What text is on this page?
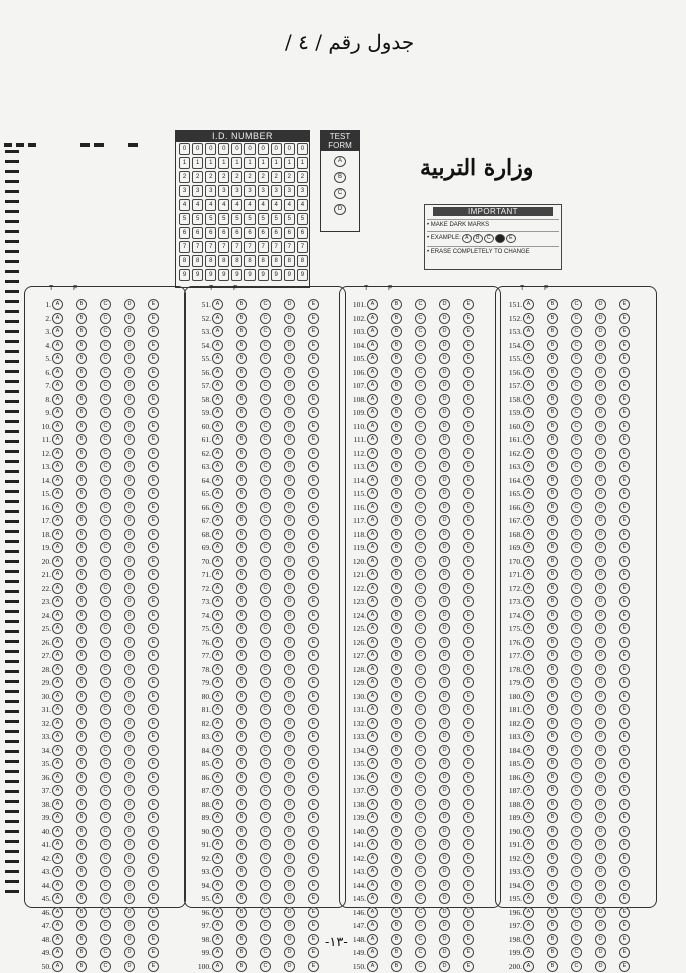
جدول رقم / ٤ /
وزارة التربية
I.D. NUMBER
0	0	0	0	0	0	0	0	0	0
1	1	1	1	1	1	1	1	1	1
2	2	2	2	2	2	2	2	2	2
3	3	3	3	3	3	3	3	3	3
4	4	4	4	4	4	4	4	4	4
5	5	5	5	5	5	5	5	5	5
6	6	6	6	6	6	6	6	6	6
7	7	7	7	7	7	7	7	7	7
8	8	8	8	8	8	8	8	8	8
9	9	9	9	9	9	9	9	9	9
TEST FORM
A
B
C
D	IMPORTANT
• MAKE DARK MARKS
• EXAMPLE: A B C D E
• ERASE COMPLETELY TO CHANGE
T	F
1. A	B	C	D	E
2. A	B	C	D	E
3. A	B	C	D	E
4. A	B	C	D	E
5. A	B	C	D	E
6. A	B	C	D	E
7. A	B	C	D	E
8. A	B	C	D	E
9. A	B	C	D	E
10. A	B	C	D	E
11. A	B	C	D	E
12. A	B	C	D	E
13. A	B	C	D	E
14. A	B	C	D	E
15. A	B	C	D	E
16. A	B	C	D	E
17. A	B	C	D	E
18. A	B	C	D	E
19. A	B	C	D	E
20. A	B	C	D	E
21. A	B	C	D	E
22. A	B	C	D	E
23. A	B	C	D	E
24. A	B	C	D	E
25. A	B	C	D	E
26. A	B	C	D	E
27. A	B	C	D	E
28. A	B	C	D	E
29. A	B	C	D	E
30. A	B	C	D	E
31. A	B	C	D	E
32. A	B	C	D	E
33. A	B	C	D	E
34. A	B	C	D	E
35. A	B	C	D	E
36. A	B	C	D	E
37. A	B	C	D	E
38. A	B	C	D	E
39. A	B	C	D	E
40. A	B	C	D	E
41. A	B	C	D	E
42. A	B	C	D	E
43. A	B	C	D	E
44. A	B	C	D	E
45. A	B	C	D	E
46. A	B	C	D	E
47. A	B	C	D	E
48. A	B	C	D	E
49. A	B	C	D	E
50. A	B	C	D	E
T	F
51. A	B	C	D	E
52. A	B	C	D	E
53. A	B	C	D	E
54. A	B	C	D	E
55. A	B	C	D	E
56. A	B	C	D	E
57. A	B	C	D	E
58. A	B	C	D	E
59. A	B	C	D	E
60. A	B	C	D	E
61. A	B	C	D	E
62. A	B	C	D	E
63. A	B	C	D	E
64. A	B	C	D	E
65. A	B	C	D	E
66. A	B	C	D	E
67. A	B	C	D	E
68. A	B	C	D	E
69. A	B	C	D	E
70. A	B	C	D	E
71. A	B	C	D	E
72. A	B	C	D	E
73. A	B	C	D	E
74. A	B	C	D	E
75. A	B	C	D	E
76. A	B	C	D	E
77. A	B	C	D	E
78. A	B	C	D	E
79. A	B	C	D	E
80. A	B	C	D	E
81. A	B	C	D	E
82. A	B	C	D	E
83. A	B	C	D	E
84. A	B	C	D	E
85. A	B	C	D	E
86. A	B	C	D	E
87. A	B	C	D	E
88. A	B	C	D	E
89. A	B	C	D	E
90. A	B	C	D	E
91. A	B	C	D	E
92. A	B	C	D	E
93. A	B	C	D	E
94. A	B	C	D	E
95. A	B	C	D	E
96. A	B	C	D	E
97. A	B	C	D	E
98. A	B	C	D	E
99. A	B	C	D	E
100. A	B	C	D	E
T	F
101. A	B	C	D	E
102. A	B	C	D	E
103. A	B	C	D	E
104. A	B	C	D	E
105. A	B	C	D	E
106. A	B	C	D	E
107. A	B	C	D	E
108. A	B	C	D	E
109. A	B	C	D	E
110. A	B	C	D	E
111. A	B	C	D	E
112. A	B	C	D	E
113. A	B	C	D	E
114. A	B	C	D	E
115. A	B	C	D	E
116. A	B	C	D	E
117. A	B	C	D	E
118. A	B	C	D	E
119. A	B	C	D	E
120. A	B	C	D	E
121. A	B	C	D	E
122. A	B	C	D	E
123. A	B	C	D	E
124. A	B	C	D	E
125. A	B	C	D	E
126. A	B	C	D	E
127. A	B	C	D	E
128. A	B	C	D	E
129. A	B	C	D	E
130. A	B	C	D	E
131. A	B	C	D	E
132. A	B	C	D	E
133. A	B	C	D	E
134. A	B	C	D	E
135. A	B	C	D	E
136. A	B	C	D	E
137. A	B	C	D	E
138. A	B	C	D	E
139. A	B	C	D	E
140. A	B	C	D	E
141. A	B	C	D	E
142. A	B	C	D	E
143. A	B	C	D	E
144. A	B	C	D	E
145. A	B	C	D	E
146. A	B	C	D	E
147. A	B	C	D	E
148. A	B	C	D	E
149. A	B	C	D	E
150. A	B	C	D	E
T	F
151. A	B	C	D	E
152. A	B	C	D	E
153. A	B	C	D	E
154. A	B	C	D	E
155. A	B	C	D	E
156. A	B	C	D	E
157. A	B	C	D	E
158. A	B	C	D	E
159. A	B	C	D	E
160. A	B	C	D	E
161. A	B	C	D	E
162. A	B	C	D	E
163. A	B	C	D	E
164. A	B	C	D	E
165. A	B	C	D	E
166. A	B	C	D	E
167. A	B	C	D	E
168. A	B	C	D	E
169. A	B	C	D	E
170. A	B	C	D	E
171. A	B	C	D	E
172. A	B	C	D	E
173. A	B	C	D	E
174. A	B	C	D	E
175. A	B	C	D	E
176. A	B	C	D	E
177. A	B	C	D	E
178. A	B	C	D	E
179. A	B	C	D	E
180. A	B	C	D	E
181. A	B	C	D	E
182. A	B	C	D	E
183. A	B	C	D	E
184. A	B	C	D	E
185. A	B	C	D	E
186. A	B	C	D	E
187. A	B	C	D	E
188. A	B	C	D	E
189. A	B	C	D	E
190. A	B	C	D	E
191. A	B	C	D	E
192. A	B	C	D	E
193. A	B	C	D	E
194. A	B	C	D	E
195. A	B	C	D	E
196. A	B	C	D	E
197. A	B	C	D	E
198. A	B	C	D	E
199. A	B	C	D	E
200. A	B	C	D	E
-١٣-
